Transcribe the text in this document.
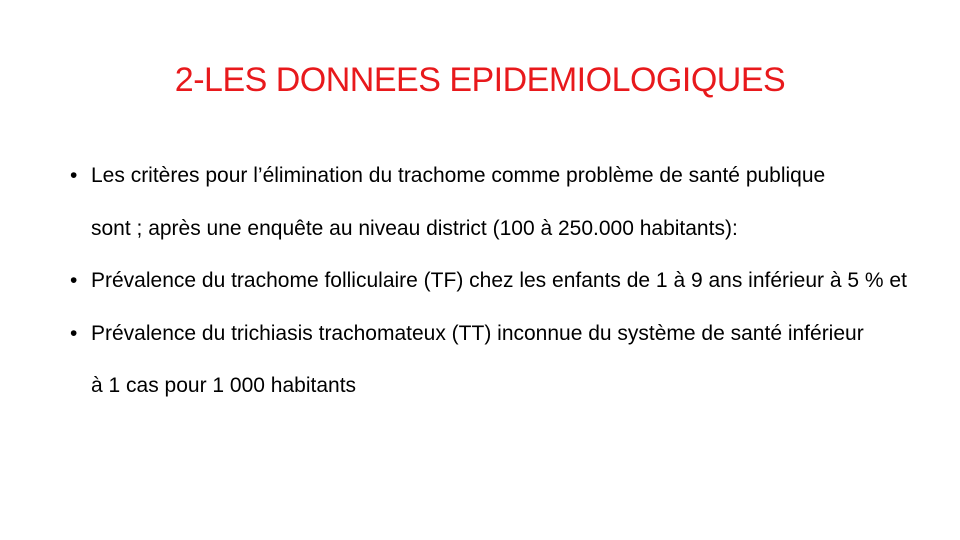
2-LES DONNEES EPIDEMIOLOGIQUES
• Les critères pour l’élimination du trachome comme problème de santé publique sont ; après une enquête au niveau district (100 à 250.000 habitants):
• Prévalence du trachome folliculaire (TF) chez les enfants de 1 à 9 ans inférieur à 5 % et
• Prévalence du trichiasis trachomateux (TT) inconnue du système de santé inférieur à 1 cas pour 1 000 habitants
